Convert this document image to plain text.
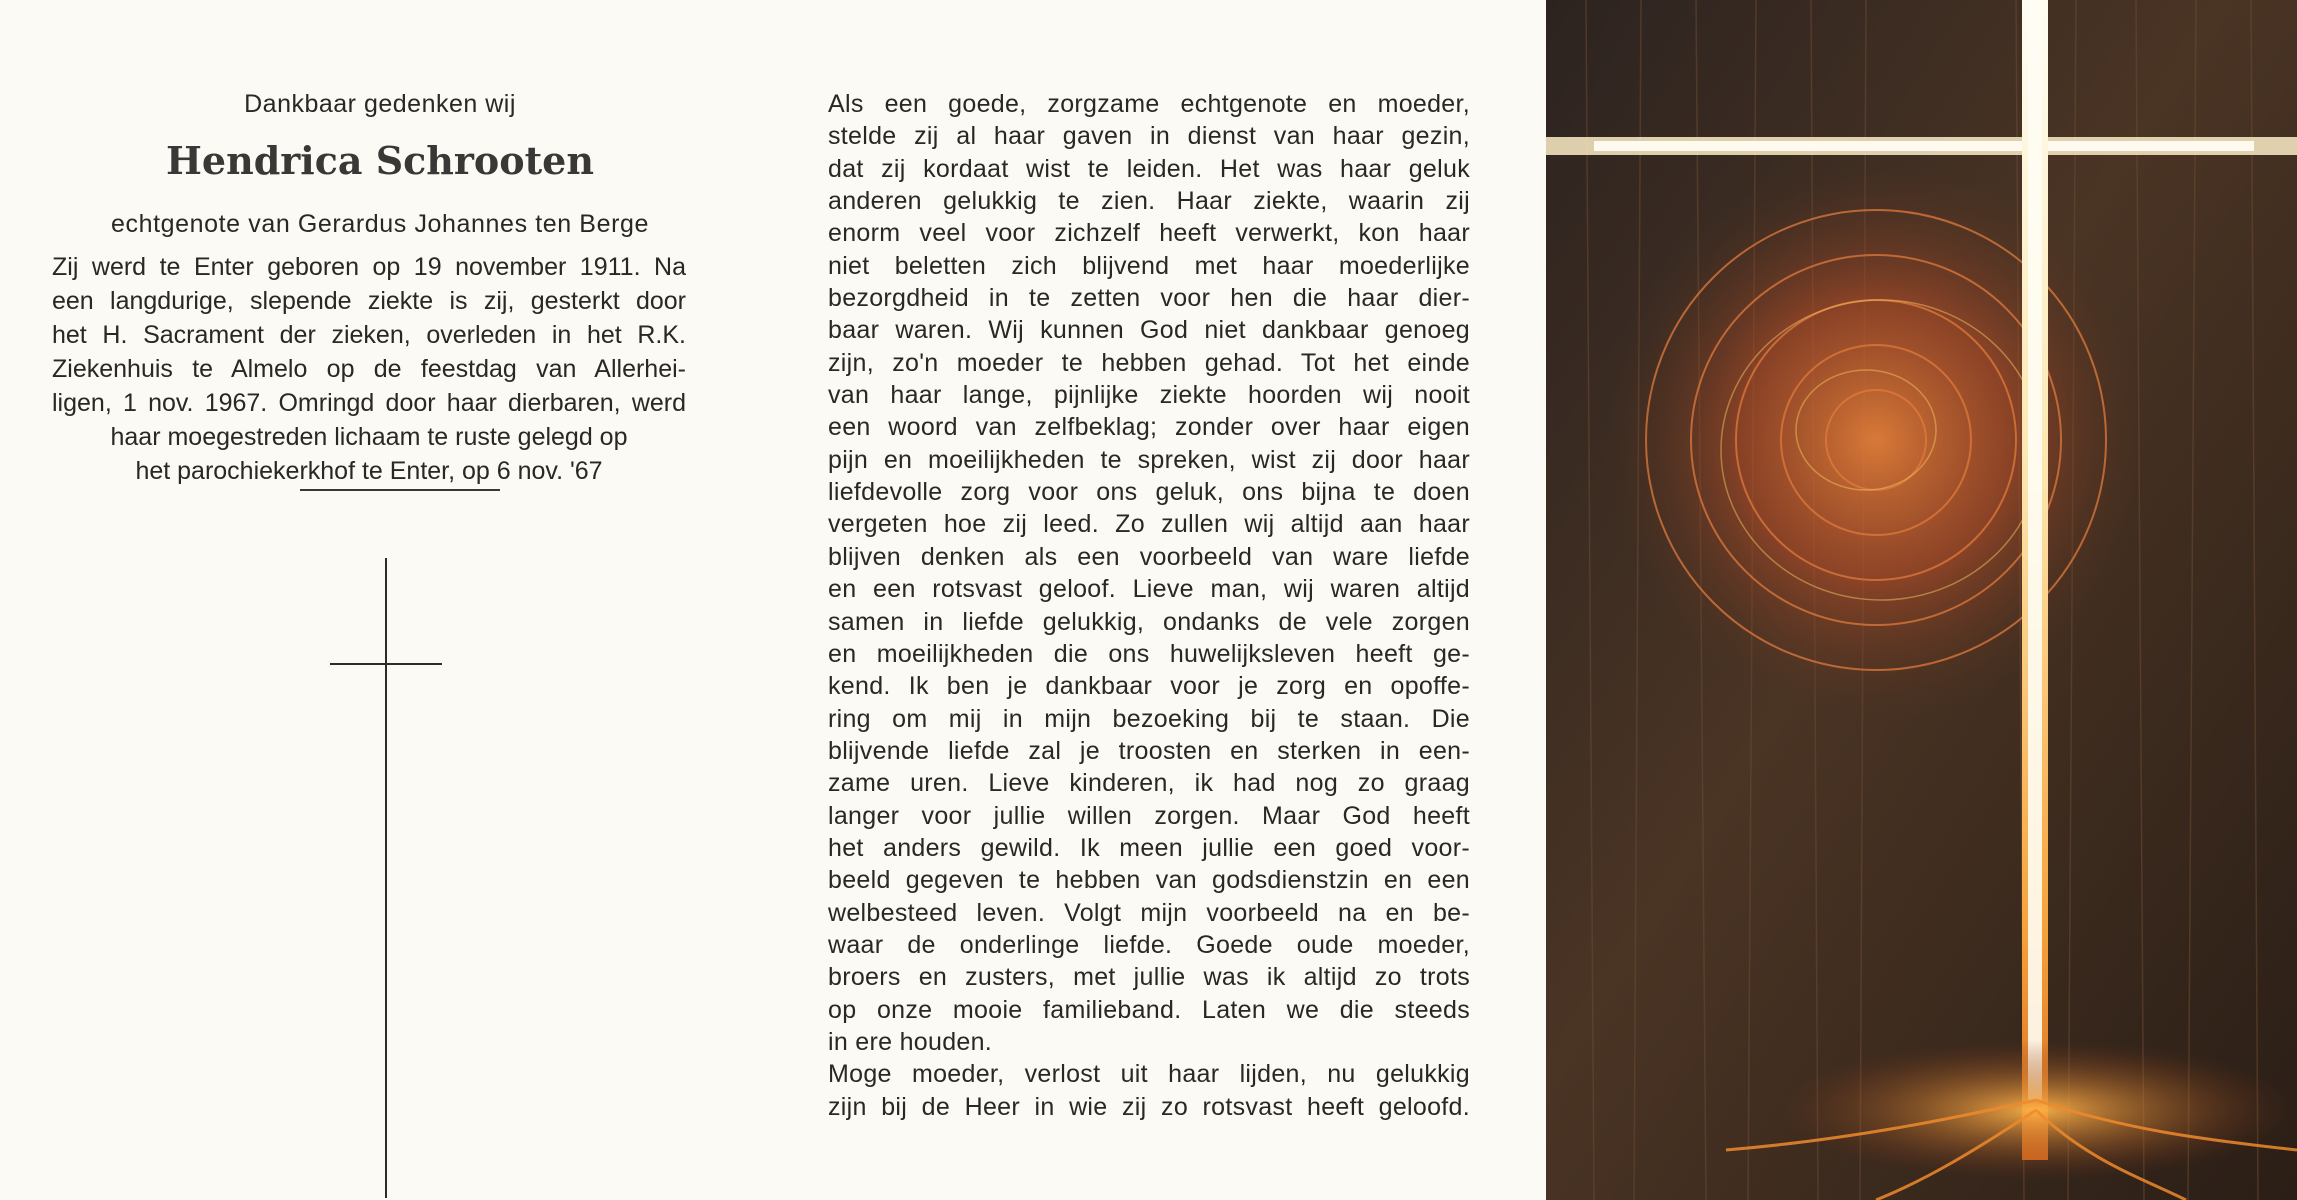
Dankbaar gedenken wij
Hendrica Schrooten
echtgenote van Gerardus Johannes ten Berge
Zij werd te Enter geboren op 19 november 1911. Na
een langdurige, slepende ziekte is zij, gesterkt door
het H. Sacrament der zieken, overleden in het R.K.
Ziekenhuis te Almelo op de feestdag van Allerhei-
ligen, 1 nov. 1967. Omringd door haar dierbaren, werd
haar moegestreden lichaam te ruste gelegd op
het parochiekerkhof te Enter, op 6 nov. '67
Als een goede, zorgzame echtgenote en moeder,
stelde zij al haar gaven in dienst van haar gezin,
dat zij kordaat wist te leiden. Het was haar geluk
anderen gelukkig te zien. Haar ziekte, waarin zij
enorm veel voor zichzelf heeft verwerkt, kon haar
niet beletten zich blijvend met haar moederlijke
bezorgdheid in te zetten voor hen die haar dier-
baar waren. Wij kunnen God niet dankbaar genoeg
zijn, zo'n moeder te hebben gehad. Tot het einde
van haar lange, pijnlijke ziekte hoorden wij nooit
een woord van zelfbeklag; zonder over haar eigen
pijn en moeilijkheden te spreken, wist zij door haar
liefdevolle zorg voor ons geluk, ons bijna te doen
vergeten hoe zij leed. Zo zullen wij altijd aan haar
blijven denken als een voorbeeld van ware liefde
en een rotsvast geloof. Lieve man, wij waren altijd
samen in liefde gelukkig, ondanks de vele zorgen
en moeilijkheden die ons huwelijksleven heeft ge-
kend. Ik ben je dankbaar voor je zorg en opoffe-
ring om mij in mijn bezoeking bij te staan. Die
blijvende liefde zal je troosten en sterken in een-
zame uren. Lieve kinderen, ik had nog zo graag
langer voor jullie willen zorgen. Maar God heeft
het anders gewild. Ik meen jullie een goed voor-
beeld gegeven te hebben van godsdienstzin en een
welbesteed leven. Volgt mijn voorbeeld na en be-
waar de onderlinge liefde. Goede oude moeder,
broers en zusters, met jullie was ik altijd zo trots
op onze mooie familieband. Laten we die steeds
in ere houden.
Moge moeder, verlost uit haar lijden, nu gelukkig
zijn bij de Heer in wie zij zo rotsvast heeft geloofd.
